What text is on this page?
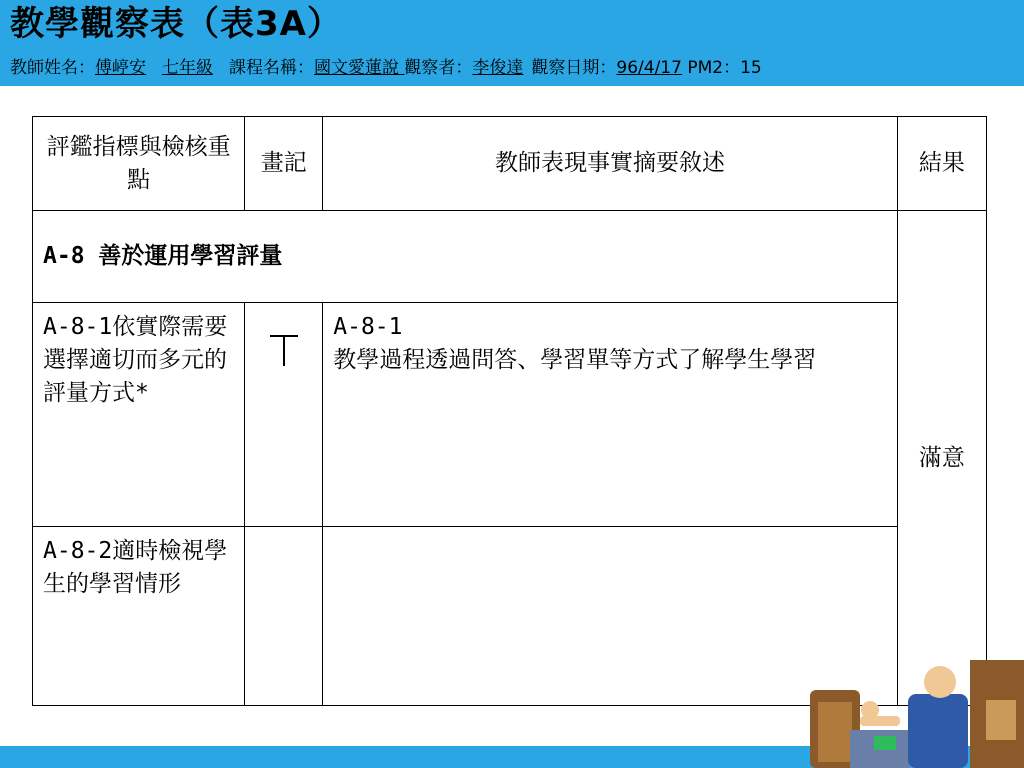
教學觀察表（表3A）
教師姓名：傅嵉安 七年級 課程名稱：國文愛蓮說 觀察者：李俊達 觀察日期：96/4/17 PM2：15
評鑑指標與檢核重點	畫記	教師表現事實摘要敘述	結果
A-8 善於運用學習評量			滿意
A-8-1依實際需要選擇適切而多元的評量方式*		A-8-1
教學過程透過問答、學習單等方式了解學生學習	

A-8-2適時檢視學生的學習情形			
